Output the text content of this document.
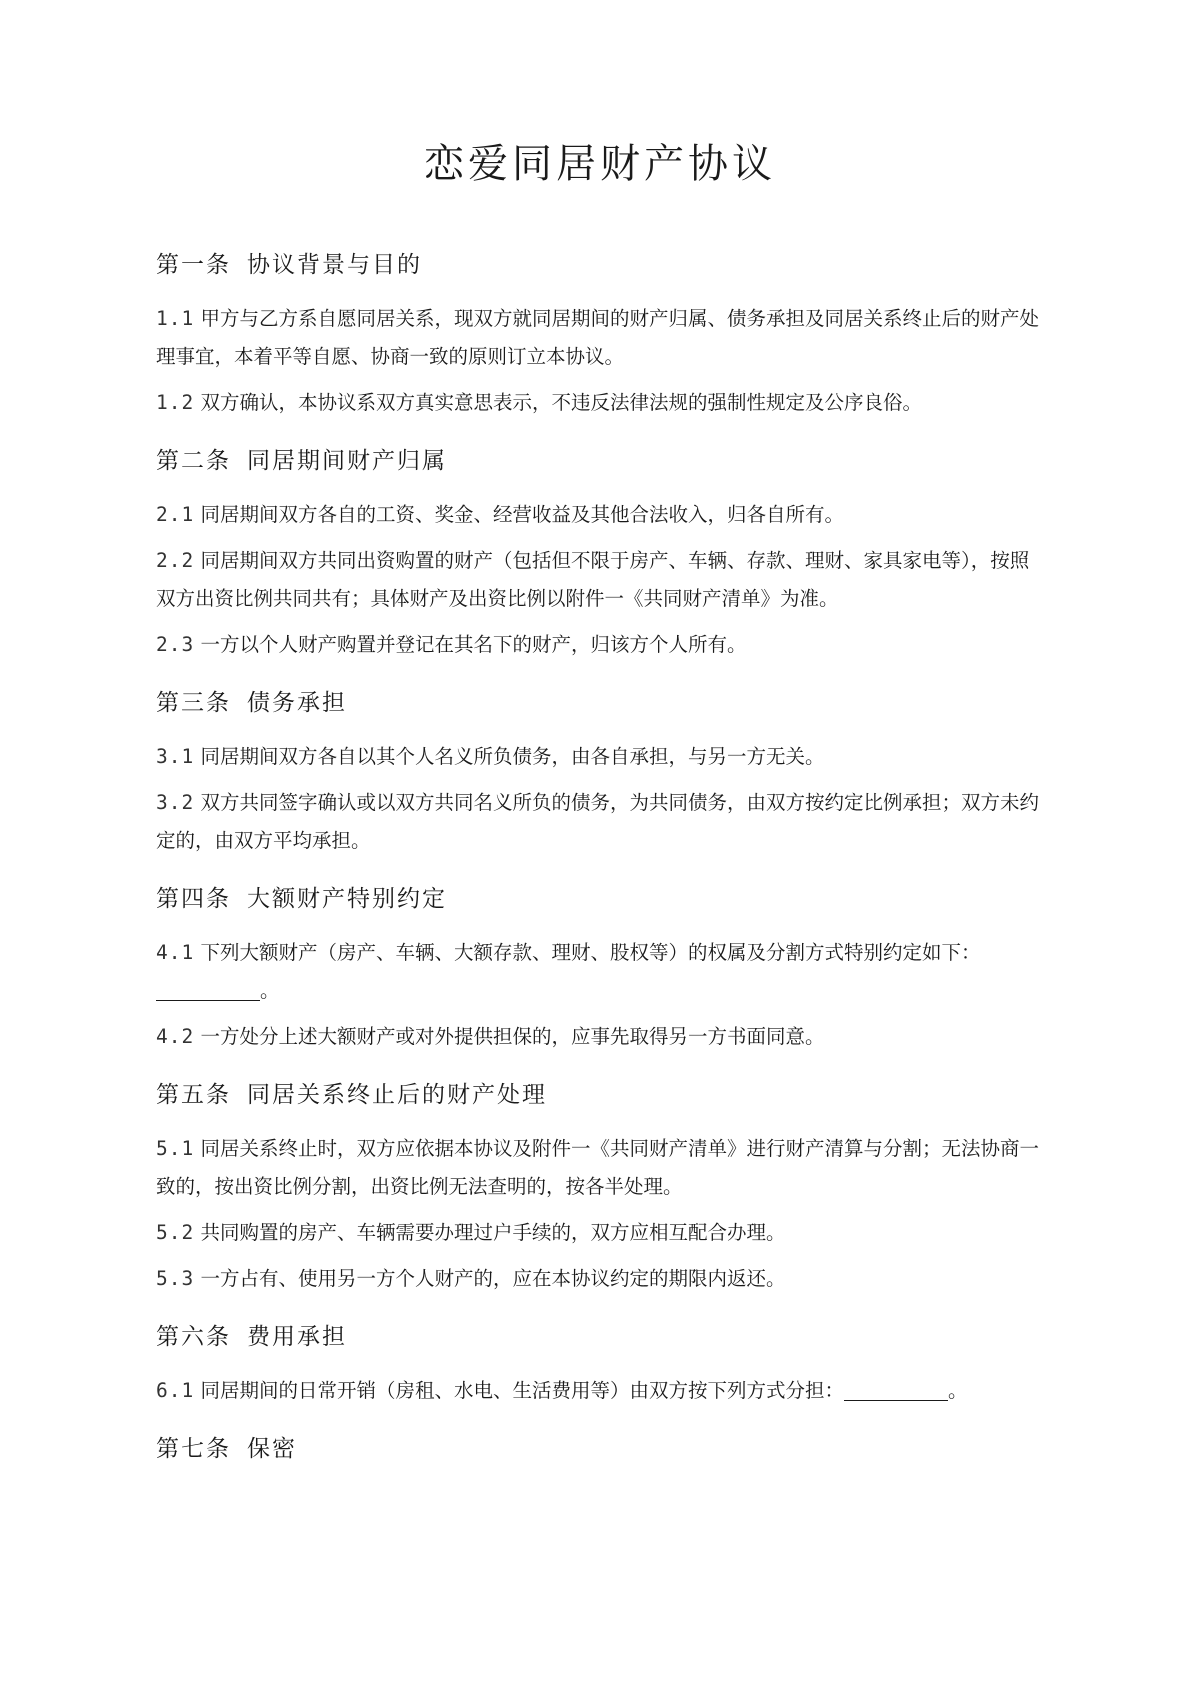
恋爱同居财产协议
第一条 协议背景与目的

1.1 甲方与乙方系自愿同居关系，现双方就同居期间的财产归属、债务承担及同居关系终止后的财产处理事宜，本着平等自愿、协商一致的原则订立本协议。

1.2 双方确认，本协议系双方真实意思表示，不违反法律法规的强制性规定及公序良俗。

第二条 同居期间财产归属

2.1 同居期间双方各自的工资、奖金、经营收益及其他合法收入，归各自所有。

2.2 同居期间双方共同出资购置的财产（包括但不限于房产、车辆、存款、理财、家具家电等），按照双方出资比例共同共有；具体财产及出资比例以附件一《共同财产清单》为准。

2.3 一方以个人财产购置并登记在其名下的财产，归该方个人所有。

第三条 债务承担

3.1 同居期间双方各自以其个人名义所负债务，由各自承担，与另一方无关。

3.2 双方共同签字确认或以双方共同名义所负的债务，为共同债务，由双方按约定比例承担；双方未约定的，由双方平均承担。

第四条 大额财产特别约定

4.1 下列大额财产（房产、车辆、大额存款、理财、股权等）的权属及分割方式特别约定如下：
。

4.2 一方处分上述大额财产或对外提供担保的，应事先取得另一方书面同意。

第五条 同居关系终止后的财产处理

5.1 同居关系终止时，双方应依据本协议及附件一《共同财产清单》进行财产清算与分割；无法协商一致的，按出资比例分割，出资比例无法查明的，按各半处理。

5.2 共同购置的房产、车辆需要办理过户手续的，双方应相互配合办理。

5.3 一方占有、使用另一方个人财产的，应在本协议约定的期限内返还。

第六条 费用承担

6.1 同居期间的日常开销（房租、水电、生活费用等）由双方按下列方式分担：	。

第七条 保密
